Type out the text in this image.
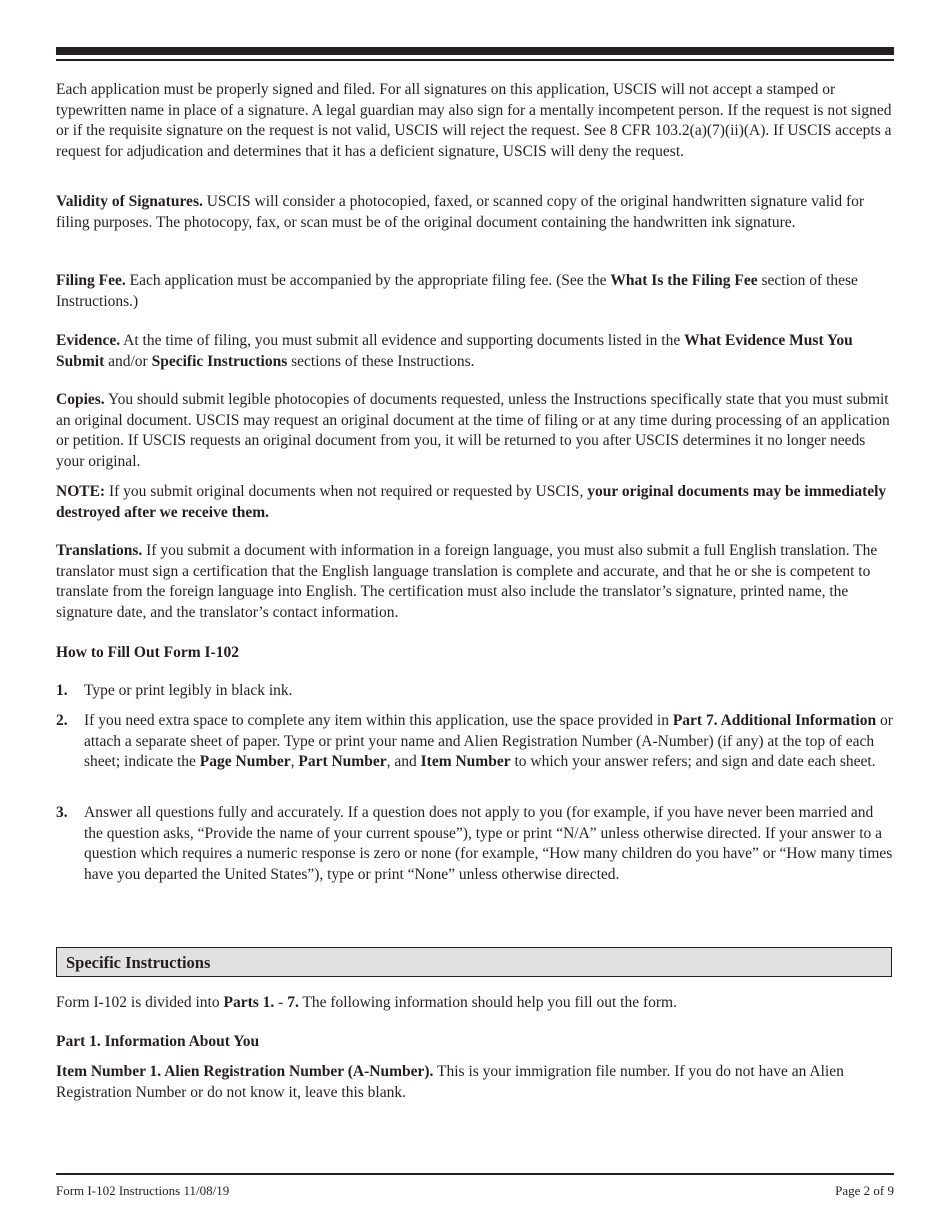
Each application must be properly signed and filed. For all signatures on this application, USCIS will not accept a stamped or typewritten name in place of a signature. A legal guardian may also sign for a mentally incompetent person. If the request is not signed or if the requisite signature on the request is not valid, USCIS will reject the request. See 8 CFR 103.2(a)(7)(ii)(A). If USCIS accepts a request for adjudication and determines that it has a deficient signature, USCIS will deny the request.

Validity of Signatures. USCIS will consider a photocopied, faxed, or scanned copy of the original handwritten signature valid for filing purposes. The photocopy, fax, or scan must be of the original document containing the handwritten ink signature.

Filing Fee. Each application must be accompanied by the appropriate filing fee. (See the What Is the Filing Fee section of these Instructions.)

Evidence. At the time of filing, you must submit all evidence and supporting documents listed in the What Evidence Must You Submit and/or Specific Instructions sections of these Instructions.

Copies. You should submit legible photocopies of documents requested, unless the Instructions specifically state that you must submit an original document. USCIS may request an original document at the time of filing or at any time during processing of an application or petition. If USCIS requests an original document from you, it will be returned to you after USCIS determines it no longer needs your original.

NOTE: If you submit original documents when not required or requested by USCIS, your original documents may be immediately destroyed after we receive them.

Translations. If you submit a document with information in a foreign language, you must also submit a full English translation. The translator must sign a certification that the English language translation is complete and accurate, and that he or she is competent to translate from the foreign language into English. The certification must also include the translator’s signature, printed name, the signature date, and the translator’s contact information.

How to Fill Out Form I-102

1. Type or print legibly in black ink.

2. If you need extra space to complete any item within this application, use the space provided in Part 7. Additional Information or attach a separate sheet of paper. Type or print your name and Alien Registration Number (A-Number) (if any) at the top of each sheet; indicate the Page Number, Part Number, and Item Number to which your answer refers; and sign and date each sheet.

3. Answer all questions fully and accurately. If a question does not apply to you (for example, if you have never been married and the question asks, “Provide the name of your current spouse”), type or print “N/A” unless otherwise directed. If your answer to a question which requires a numeric response is zero or none (for example, “How many children do you have” or “How many times have you departed the United States”), type or print “None” unless otherwise directed.

Specific Instructions

Form I-102 is divided into Parts 1. - 7. The following information should help you fill out the form.

Part 1. Information About You

Item Number 1. Alien Registration Number (A-Number). This is your immigration file number. If you do not have an Alien Registration Number or do not know it, leave this blank.

Form I-102 Instructions 11/08/19	Page 2 of 9
